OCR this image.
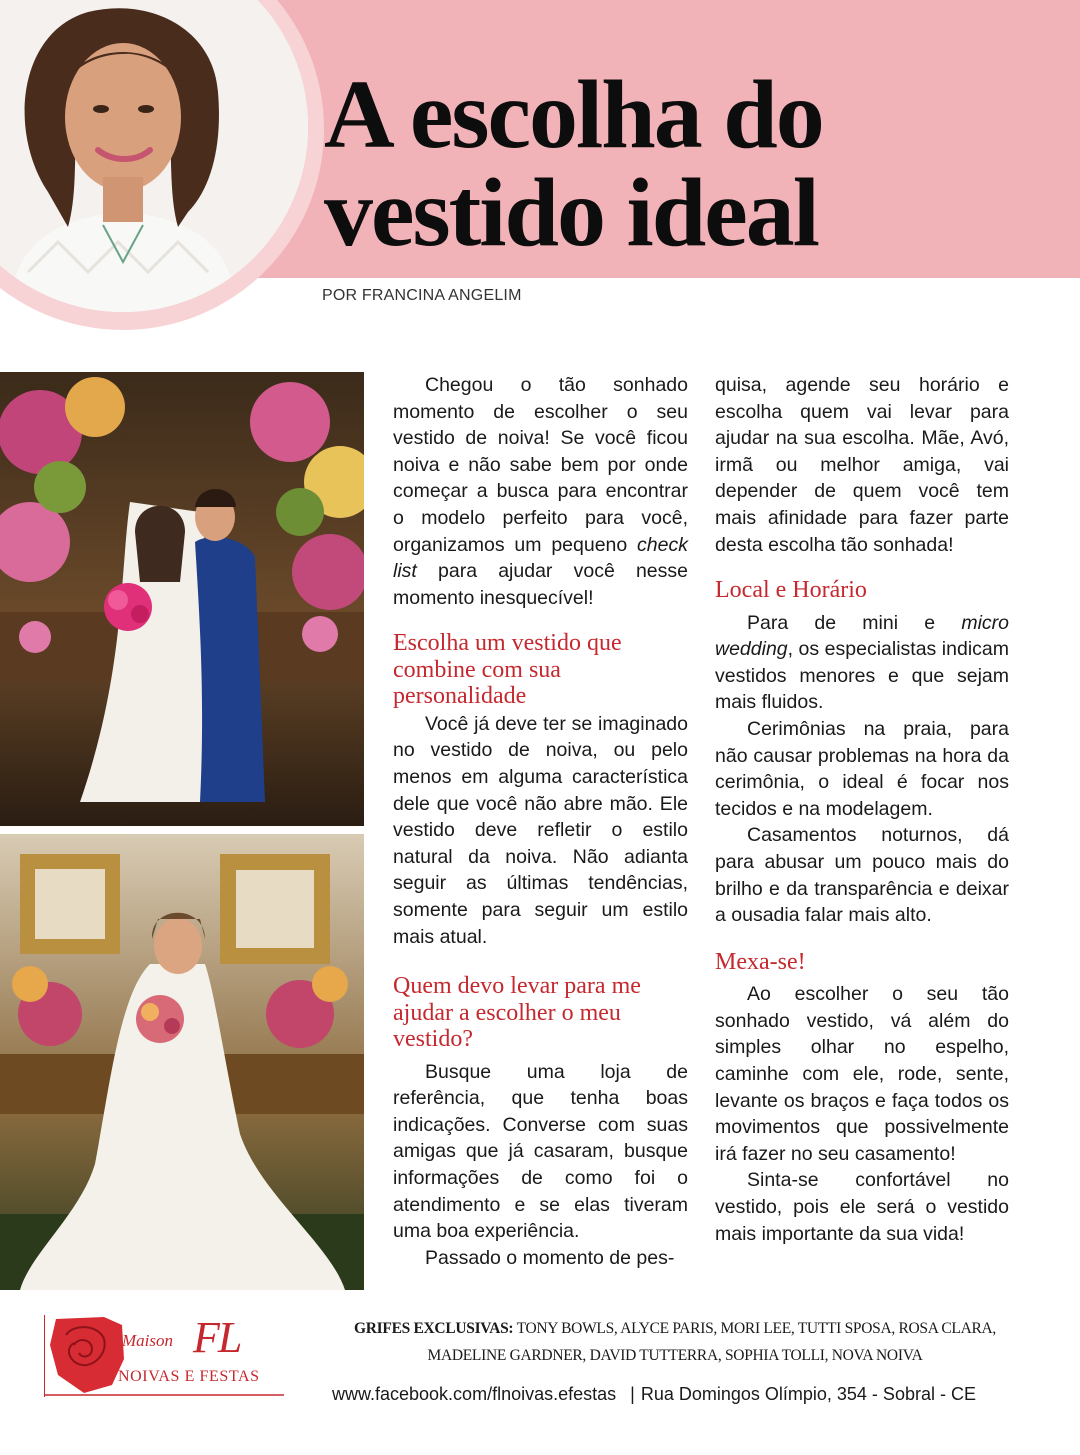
A escolha do
vestido ideal
POR FRANCINA ANGELIM

Chegou o tão sonhado momento de escolher o seu vestido de noiva! Se você ficou noiva e não sabe bem por onde começar a busca para encontrar o modelo perfeito para você, organizamos um pequeno check list para ajudar você nesse momento inesquecível!

Escolha um vestido que combine com sua personalidade

Você já deve ter se imaginado no vestido de noiva, ou pelo menos em alguma característica dele que você não abre mão. Ele vestido deve refletir o estilo natural da noiva. Não adianta seguir as últimas tendências, somente para seguir um estilo mais atual.

Quem devo levar para me ajudar a escolher o meu vestido?

Busque uma loja de referência, que tenha boas indicações. Converse com suas amigas que já casaram, busque informações de como foi o atendimento e se elas tiveram uma boa experiência.

Passado o momento de pes-

quisa, agende seu horário e escolha quem vai levar para ajudar na sua escolha. Mãe, Avó, irmã ou melhor amiga, vai depender de quem você tem mais afinidade para fazer parte desta escolha tão sonhada!

Local e Horário

Para de mini e micro wedding, os especialistas indicam vestidos menores e que sejam mais fluidos.

Cerimônias na praia, para não causar problemas na hora da cerimônia, o ideal é focar nos tecidos e na modelagem.

Casamentos noturnos, dá para abusar um pouco mais do brilho e da transparência e deixar a ousadia falar mais alto.

Mexa-se!

Ao escolher o seu tão sonhado vestido, vá além do simples olhar no espelho, caminhe com ele, rode, sente, levante os braços e faça todos os movimentos que possivelmente irá fazer no seu casamento!

Sinta-se confortável no vestido, pois ele será o vestido mais importante da sua vida!

Maison FL
NOIVAS E FESTAS
GRIFES EXCLUSIVAS: TONY BOWLS, ALYCE PARIS, MORI LEE, TUTTI SPOSA, ROSA CLARA,
MADELINE GARDNER, DAVID TUTTERRA, SOPHIA TOLLI, NOVA NOIVA
www.facebook.com/flnoivas.efestas | Rua Domingos Olímpio, 354 - Sobral - CE
